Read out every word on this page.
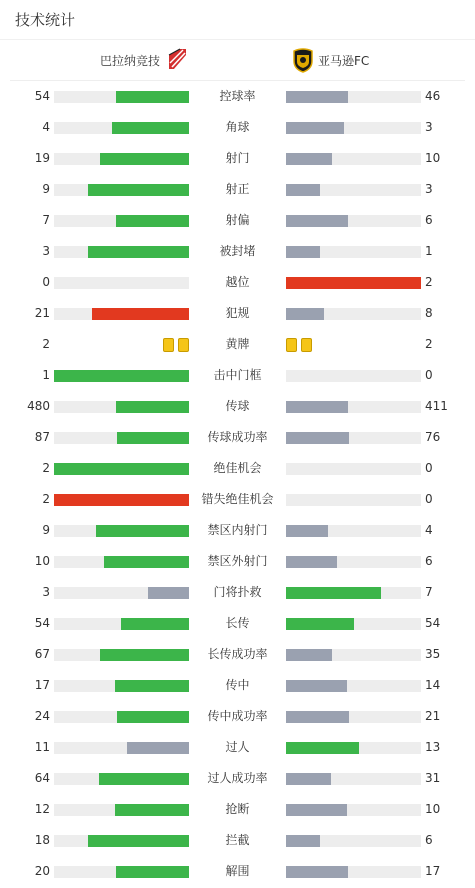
技术统计
巴拉纳竞技	亚马逊FC
54	控球率	46
4	角球	3
19	射门	10
9	射正	3
7	射偏	6
3	被封堵	1
0	越位	2
21	犯规	8
2	黄牌	2
1	击中门框	0
480	传球	411
87	传球成功率	76
2	绝佳机会	0
2	错失绝佳机会	0
9	禁区内射门	4
10	禁区外射门	6
3	门将扑救	7
54	长传	54
67	长传成功率	35
17	传中	14
24	传中成功率	21
11	过人	13
64	过人成功率	31
12	抢断	10
18	拦截	6
20	解围	17
